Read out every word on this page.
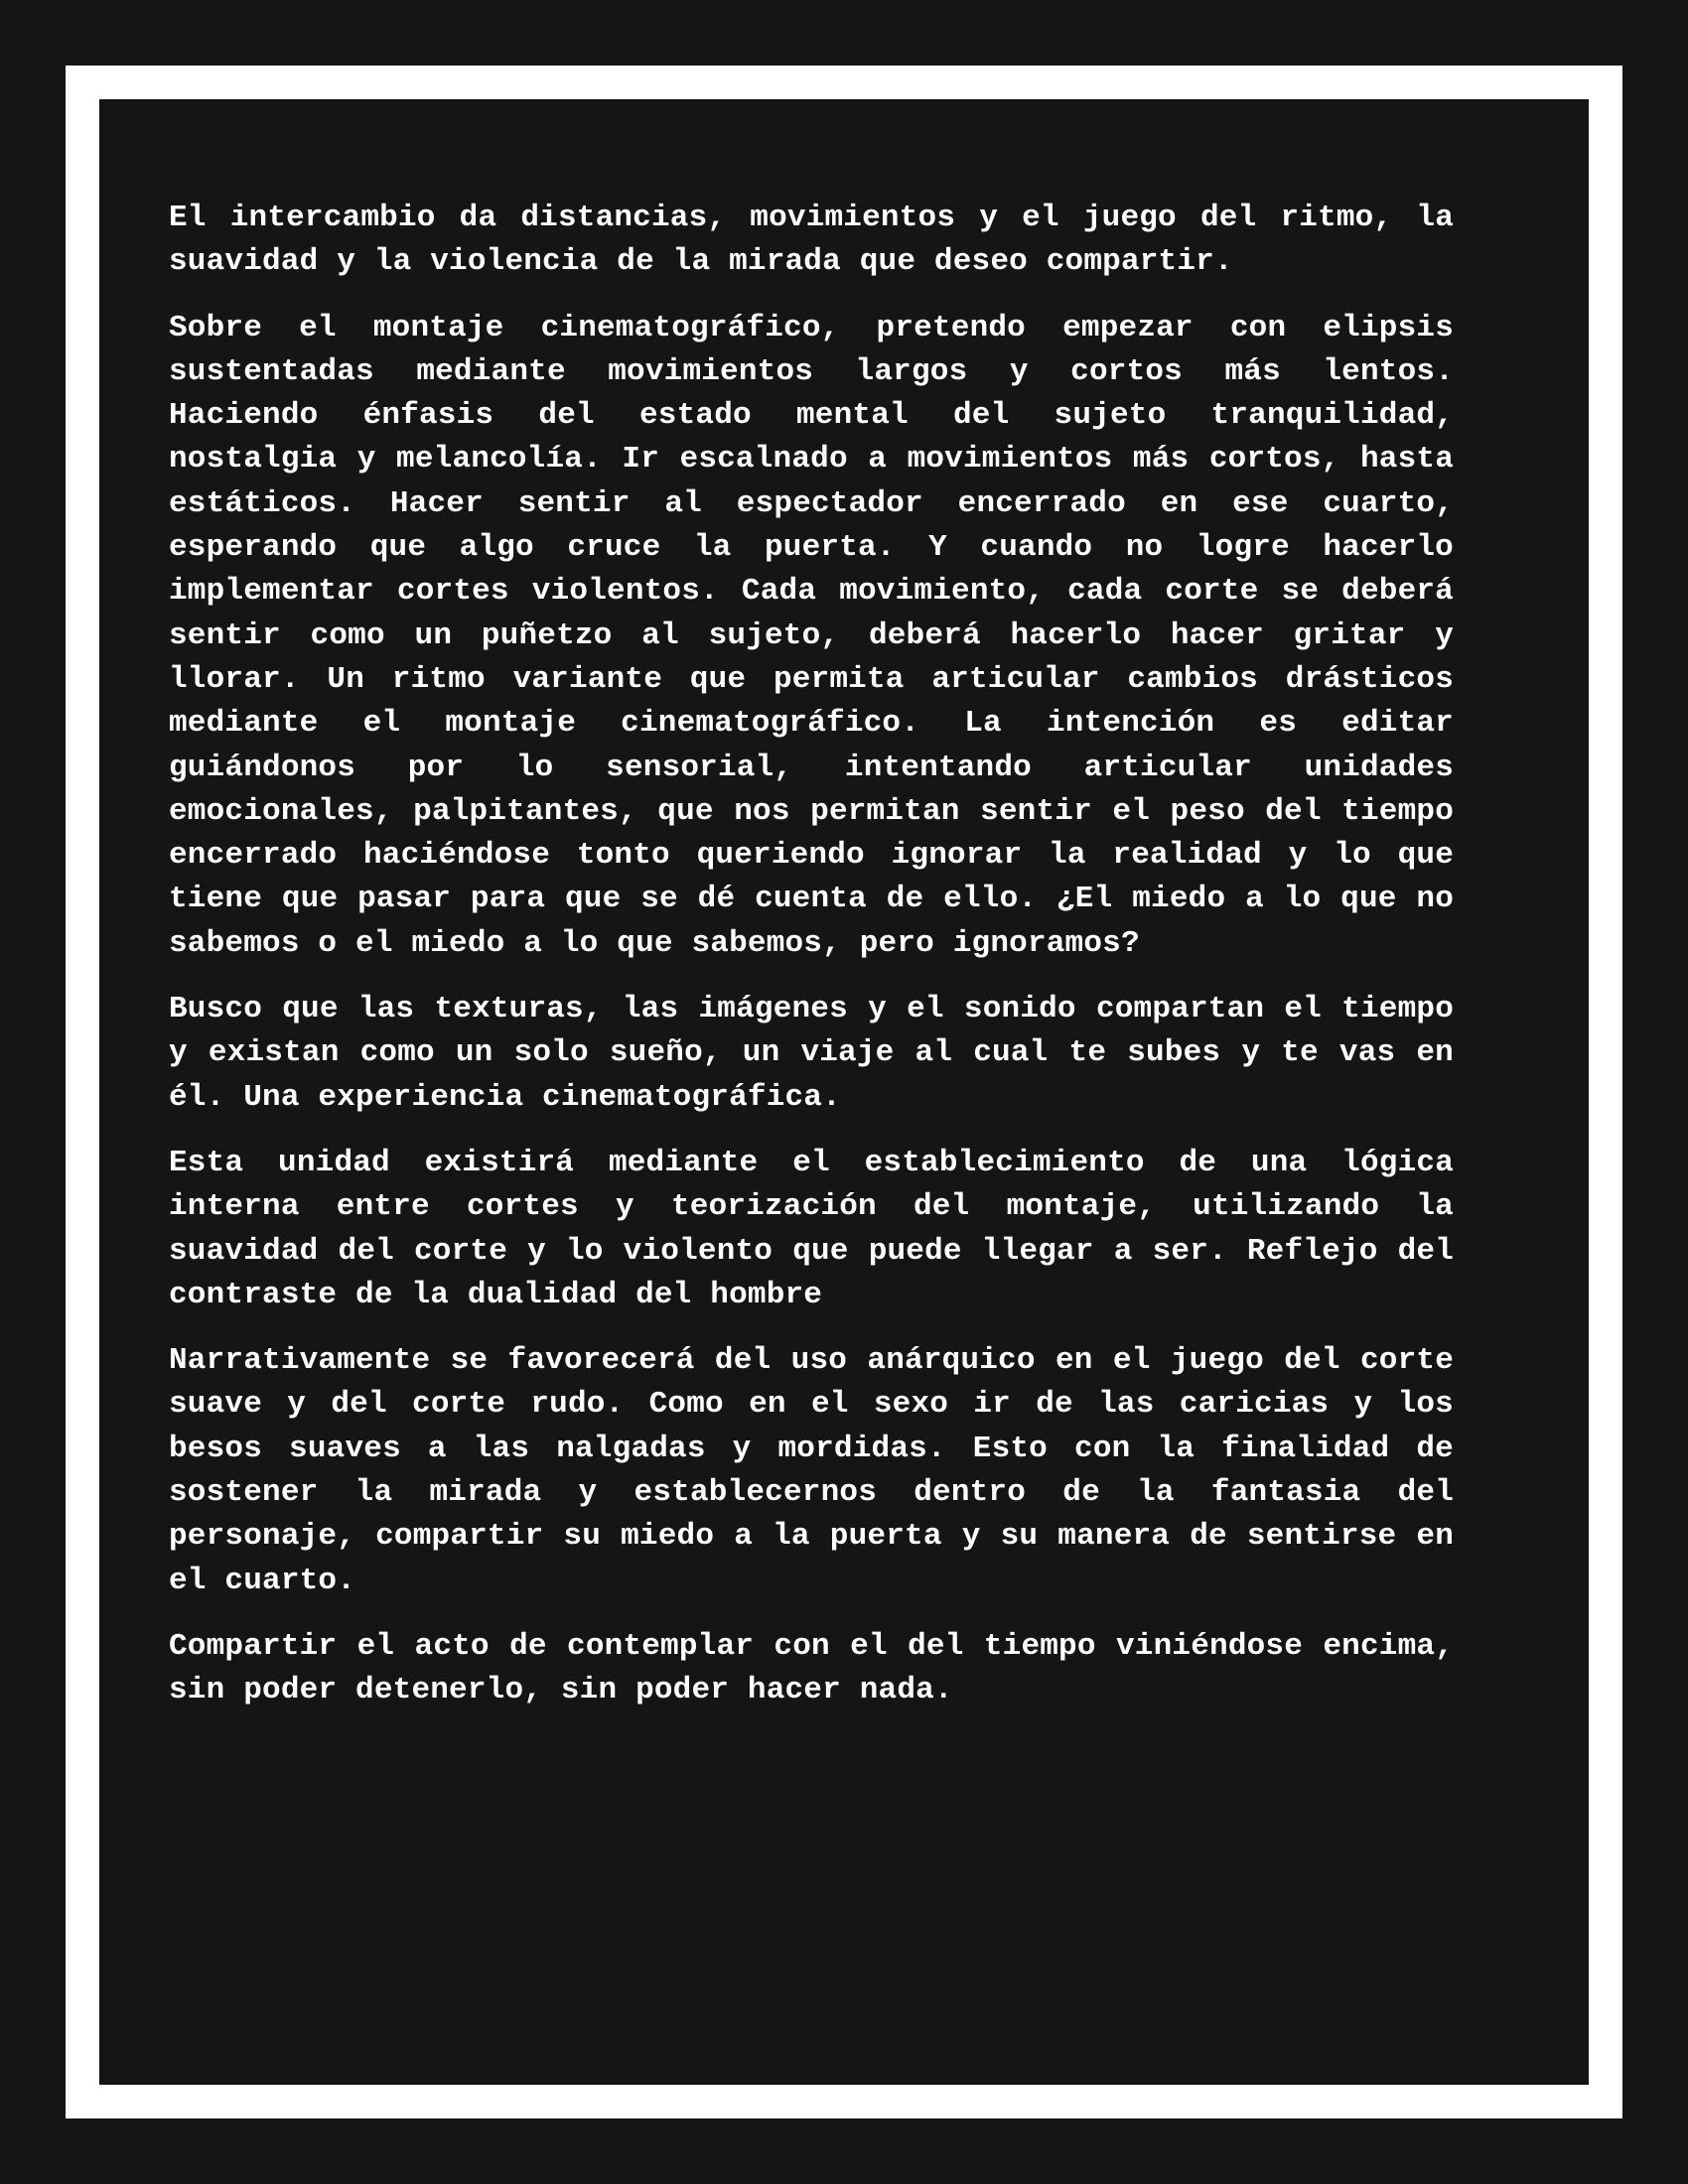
El intercambio da distancias, movimientos y el juego del ritmo, la suavidad y la violencia de la mirada que deseo compartir.

Sobre el montaje cinematográfico, pretendo empezar con elipsis sustentadas mediante movimientos largos y cortos más lentos. Haciendo énfasis del estado mental del sujeto tranquilidad, nostalgia y melancolía. Ir escalnado a movimientos más cortos, hasta estáticos. Hacer sentir al espectador encerrado en ese cuarto, esperando que algo cruce la puerta. Y cuando no logre hacerlo implementar cortes violentos. Cada movimiento, cada corte se deberá sentir como un puñetzo al sujeto, deberá hacerlo hacer gritar y llorar. Un ritmo variante que permita articular cambios drásticos mediante el montaje cinematográfico. La intención es editar guiándonos por lo sensorial, intentando articular unidades emocionales, palpitantes, que nos permitan sentir el peso del tiempo encerrado haciéndose tonto queriendo ignorar la realidad y lo que tiene que pasar para que se dé cuenta de ello. ¿El miedo a lo que no sabemos o el miedo a lo que sabemos, pero ignoramos?

Busco que las texturas, las imágenes y el sonido compartan el tiempo y existan como un solo sueño, un viaje al cual te subes y te vas en él. Una experiencia cinematográfica.

Esta unidad existirá mediante el establecimiento de una lógica interna entre cortes y teorización del montaje, utilizando la suavidad del corte y lo violento que puede llegar a ser. Reflejo del contraste de la dualidad del hombre

Narrativamente se favorecerá del uso anárquico en el juego del corte suave y del corte rudo. Como en el sexo ir de las caricias y los besos suaves a las nalgadas y mordidas. Esto con la finalidad de sostener la mirada y establecernos dentro de la fantasia del personaje, compartir su miedo a la puerta y su manera de sentirse en el cuarto.

Compartir el acto de contemplar con el del tiempo viniéndose encima, sin poder detenerlo, sin poder hacer nada.
